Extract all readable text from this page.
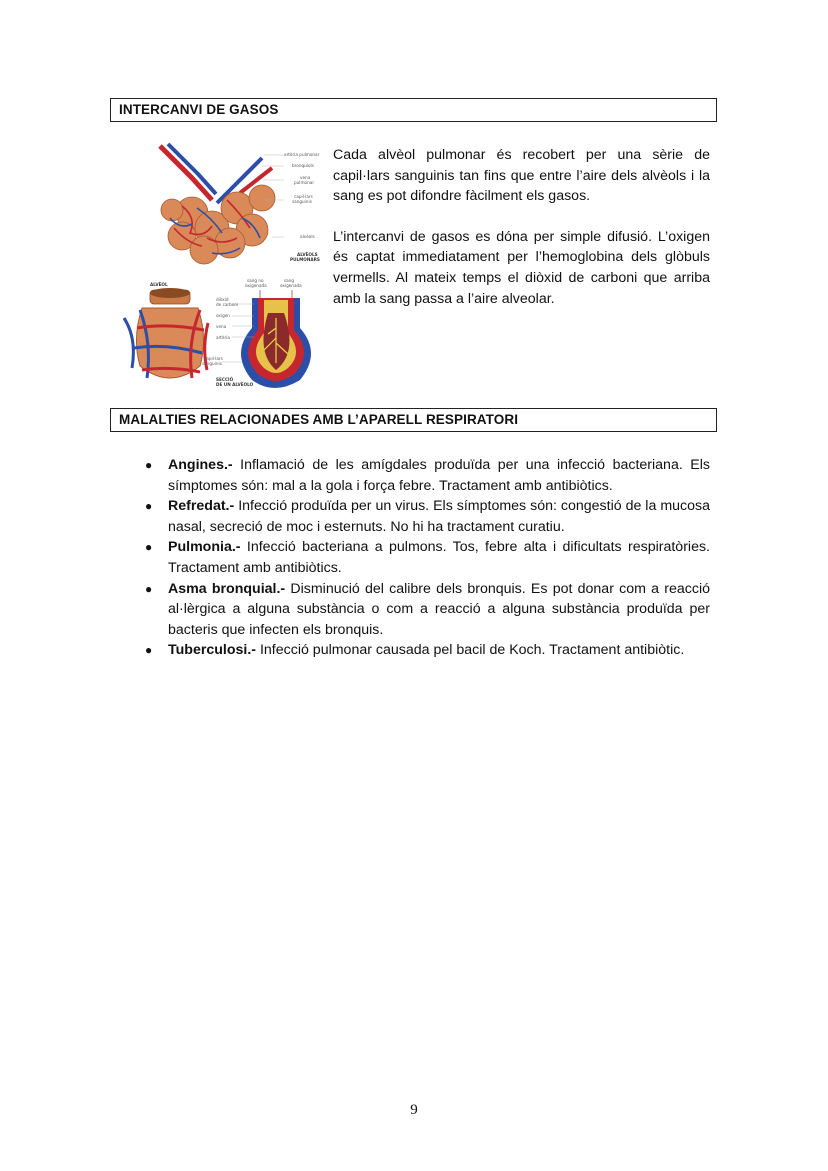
INTERCANVI DE GASOS
artèria pulmonar
bronquiols
vena
pulmonar
capil·lars
sanguinis
alvèols
ALVÈOLS
PULMONARS
ALVÈOL
sang no
oxigenada
sang
oxigenada
diòxid
de carboni
oxigen
vena
artèria
capil·lars
sanguinis
SECCIÓ
DE UN ALVÈOLO

Cada alvèol pulmonar és recobert per una sèrie de capil·lars sanguinis tan fins que entre l’aire dels alvèols i la sang es pot difondre fàcilment els gasos.

L’intercanvi de gasos es dóna per simple difusió. L’oxigen és captat immediatament per l’hemoglobina dels glòbuls vermells. Al mateix temps el diòxid de carboni que arriba amb la sang passa a l’aire alveolar.

MALALTIES RELACIONADES AMB L’APARELL RESPIRATORI
● Angines.- Inflamació de les amígdales produïda per una infecció bacteriana. Els símptomes són: mal a la gola i força febre. Tractament amb antibiòtics.
● Refredat.- Infecció produïda per un virus. Els símptomes són: congestió de la mucosa nasal, secreció de moc i esternuts. No hi ha tractament curatiu.
● Pulmonia.- Infecció bacteriana a pulmons. Tos, febre alta i dificultats respiratòries. Tractament amb antibiòtics.
● Asma bronquial.- Disminució del calibre dels bronquis. Es pot donar com a reacció al·lèrgica a alguna substància o com a reacció a alguna substància produïda per bacteris que infecten els bronquis.
● Tuberculosi.- Infecció pulmonar causada pel bacil de Koch. Tractament antibiòtic.
9
